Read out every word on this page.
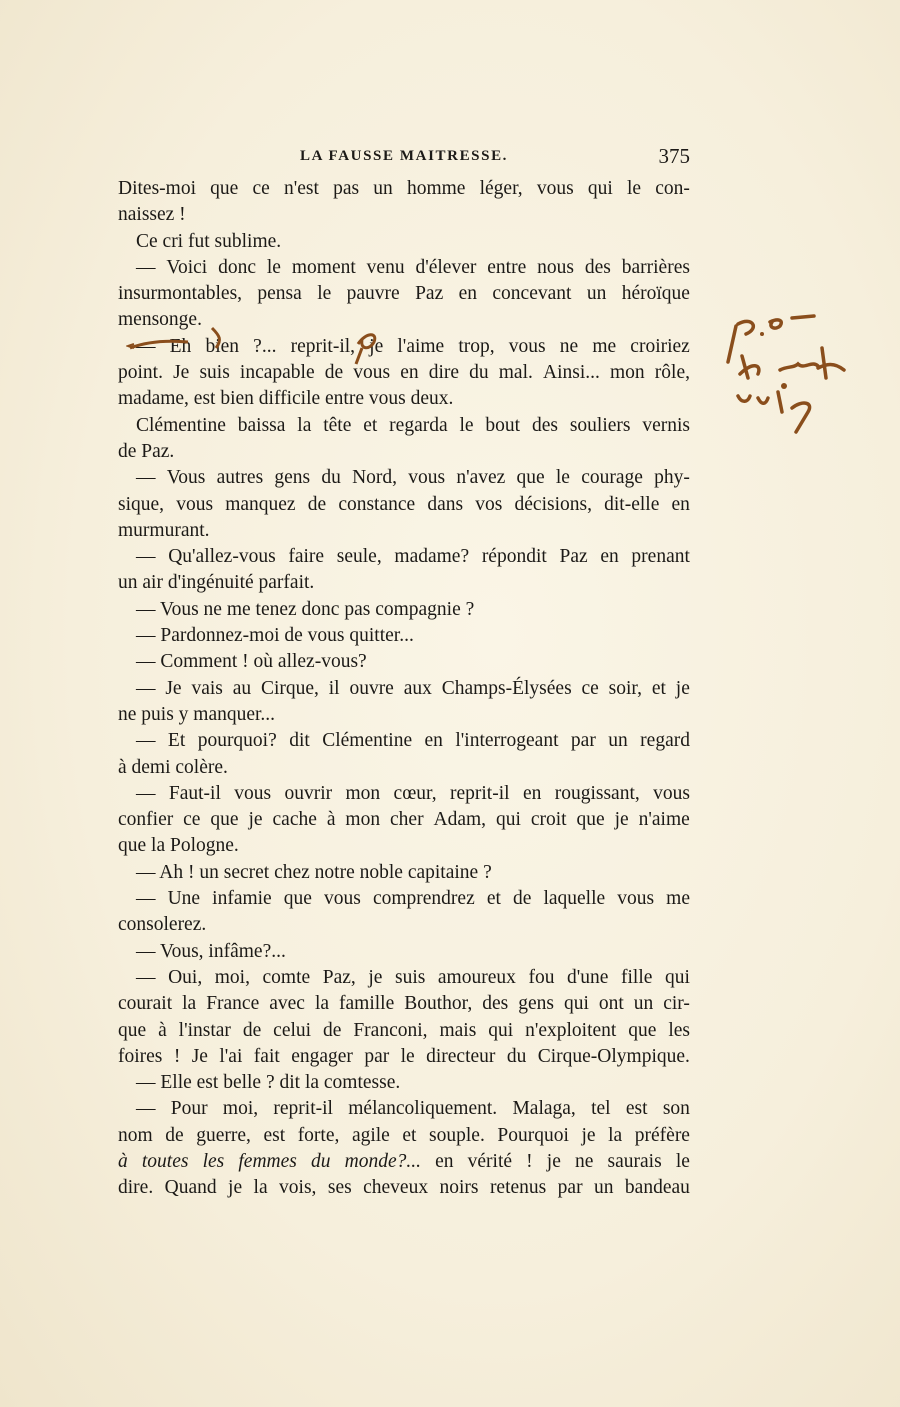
LA FAUSSE MAITRESSE.	375
Dites-moi que ce n'est pas un homme léger, vous qui le con-
naissez !
Ce cri fut sublime.
— Voici donc le moment venu d'élever entre nous des barrières
insurmontables, pensa le pauvre Paz en concevant un héroïque
mensonge.
— Eh bien ?... reprit-il, je l'aime trop, vous ne me croiriez
point. Je suis incapable de vous en dire du mal. Ainsi... mon rôle,
madame, est bien difficile entre vous deux.
Clémentine baissa la tête et regarda le bout des souliers vernis
de Paz.
— Vous autres gens du Nord, vous n'avez que le courage phy-
sique, vous manquez de constance dans vos décisions, dit-elle en
murmurant.
— Qu'allez-vous faire seule, madame? répondit Paz en prenant
un air d'ingénuité parfait.
— Vous ne me tenez donc pas compagnie ?
— Pardonnez-moi de vous quitter...
— Comment ! où allez-vous?
— Je vais au Cirque, il ouvre aux Champs-Élysées ce soir, et je
ne puis y manquer...
— Et pourquoi? dit Clémentine en l'interrogeant par un regard
à demi colère.
— Faut-il vous ouvrir mon cœur, reprit-il en rougissant, vous
confier ce que je cache à mon cher Adam, qui croit que je n'aime
que la Pologne.
— Ah ! un secret chez notre noble capitaine ?
— Une infamie que vous comprendrez et de laquelle vous me
consolerez.
— Vous, infâme?...
— Oui, moi, comte Paz, je suis amoureux fou d'une fille qui
courait la France avec la famille Bouthor, des gens qui ont un cir-
que à l'instar de celui de Franconi, mais qui n'exploitent que les
foires ! Je l'ai fait engager par le directeur du Cirque-Olympique.
— Elle est belle ? dit la comtesse.
— Pour moi, reprit-il mélancoliquement. Malaga, tel est son
nom de guerre, est forte, agile et souple. Pourquoi je la préfère
à toutes les femmes du monde?... en vérité ! je ne saurais le
dire. Quand je la vois, ses cheveux noirs retenus par un bandeau
